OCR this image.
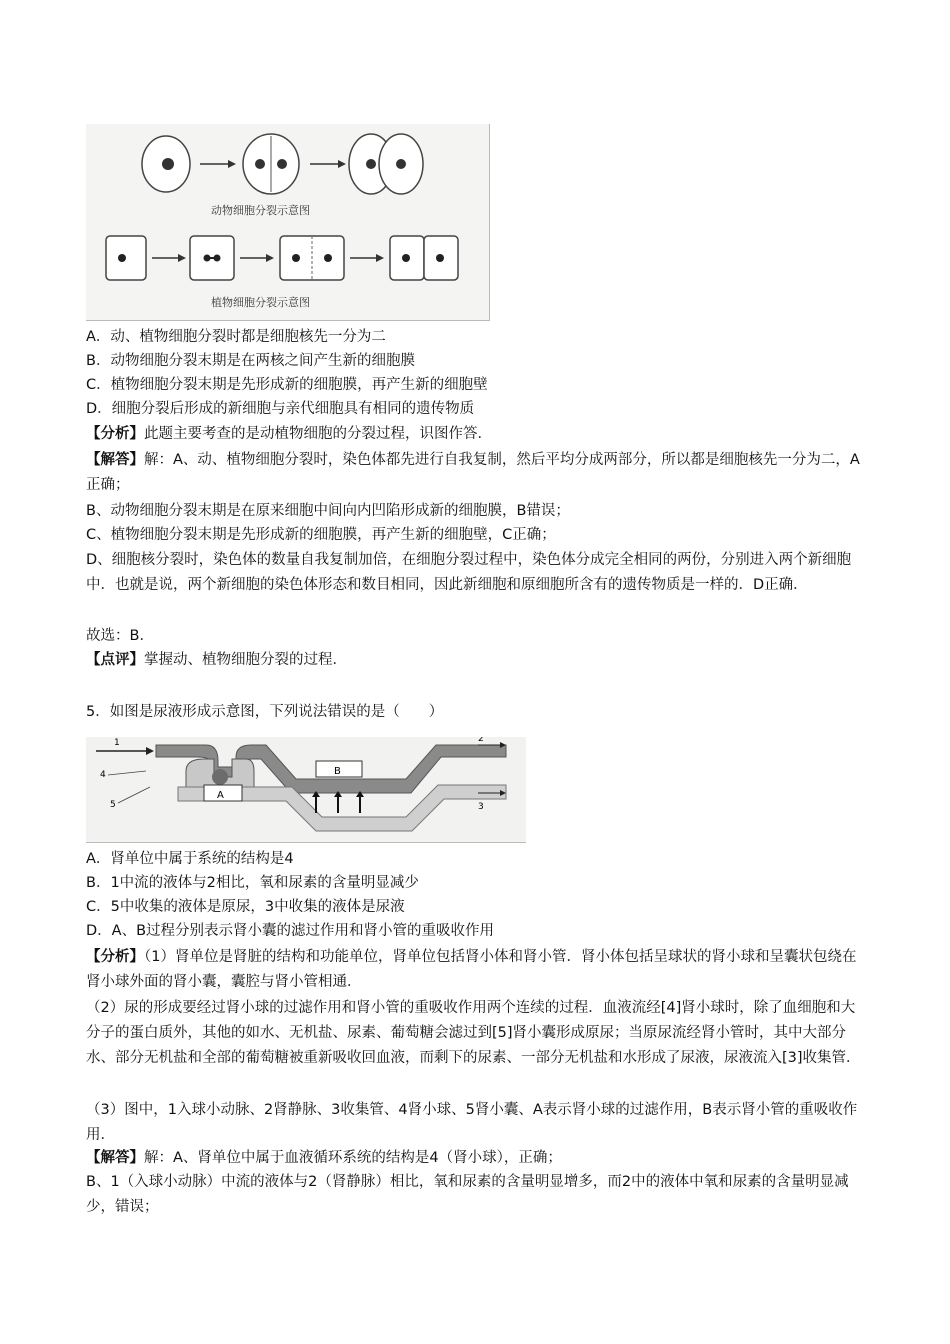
动物细胞分裂示意图
植物细胞分裂示意图
A．动、植物细胞分裂时都是细胞核先一分为二
B．动物细胞分裂末期是在两核之间产生新的细胞膜
C．植物细胞分裂末期是先形成新的细胞膜，再产生新的细胞壁
D．细胞分裂后形成的新细胞与亲代细胞具有相同的遗传物质
【分析】此题主要考查的是动植物细胞的分裂过程，识图作答．
【解答】解：A、动、植物细胞分裂时，染色体都先进行自我复制，然后平均分成两部分，所以都是细胞核先一分为二，A正确；
B、动物细胞分裂末期是在原来细胞中间向内凹陷形成新的细胞膜，B错误；
C、植物细胞分裂末期是先形成新的细胞膜，再产生新的细胞壁，C正确；
D、细胞核分裂时，染色体的数量自我复制加倍，在细胞分裂过程中，染色体分成完全相同的两份，分别进入两个新细胞中．也就是说，两个新细胞的染色体形态和数目相同，因此新细胞和原细胞所含有的遗传物质是一样的．D正确．
故选：B．
【点评】掌握动、植物细胞分裂的过程．
5．如图是尿液形成示意图，下列说法错误的是（　　）
A
B
1	2
3
4
5
A．肾单位中属于系统的结构是4
B．1中流的液体与2相比，氧和尿素的含量明显减少
C．5中收集的液体是原尿，3中收集的液体是尿液
D．A、B过程分别表示肾小囊的滤过作用和肾小管的重吸收作用
【分析】（1）肾单位是肾脏的结构和功能单位，肾单位包括肾小体和肾小管．肾小体包括呈球状的肾小球和呈囊状包绕在肾小球外面的肾小囊，囊腔与肾小管相通．
（2）尿的形成要经过肾小球的过滤作用和肾小管的重吸收作用两个连续的过程．血液流经[4]肾小球时，除了血细胞和大分子的蛋白质外，其他的如水、无机盐、尿素、葡萄糖会滤过到[5]肾小囊形成原尿；当原尿流经肾小管时，其中大部分水、部分无机盐和全部的葡萄糖被重新吸收回血液，而剩下的尿素、一部分无机盐和水形成了尿液，尿液流入[3]收集管．
（3）图中，1入球小动脉、2肾静脉、3收集管、4肾小球、5肾小囊、A表示肾小球的过滤作用，B表示肾小管的重吸收作用．
【解答】解：A、肾单位中属于血液循环系统的结构是4（肾小球），正确；
B、1（入球小动脉）中流的液体与2（肾静脉）相比，氧和尿素的含量明显增多，而2中的液体中氧和尿素的含量明显减少，错误；
